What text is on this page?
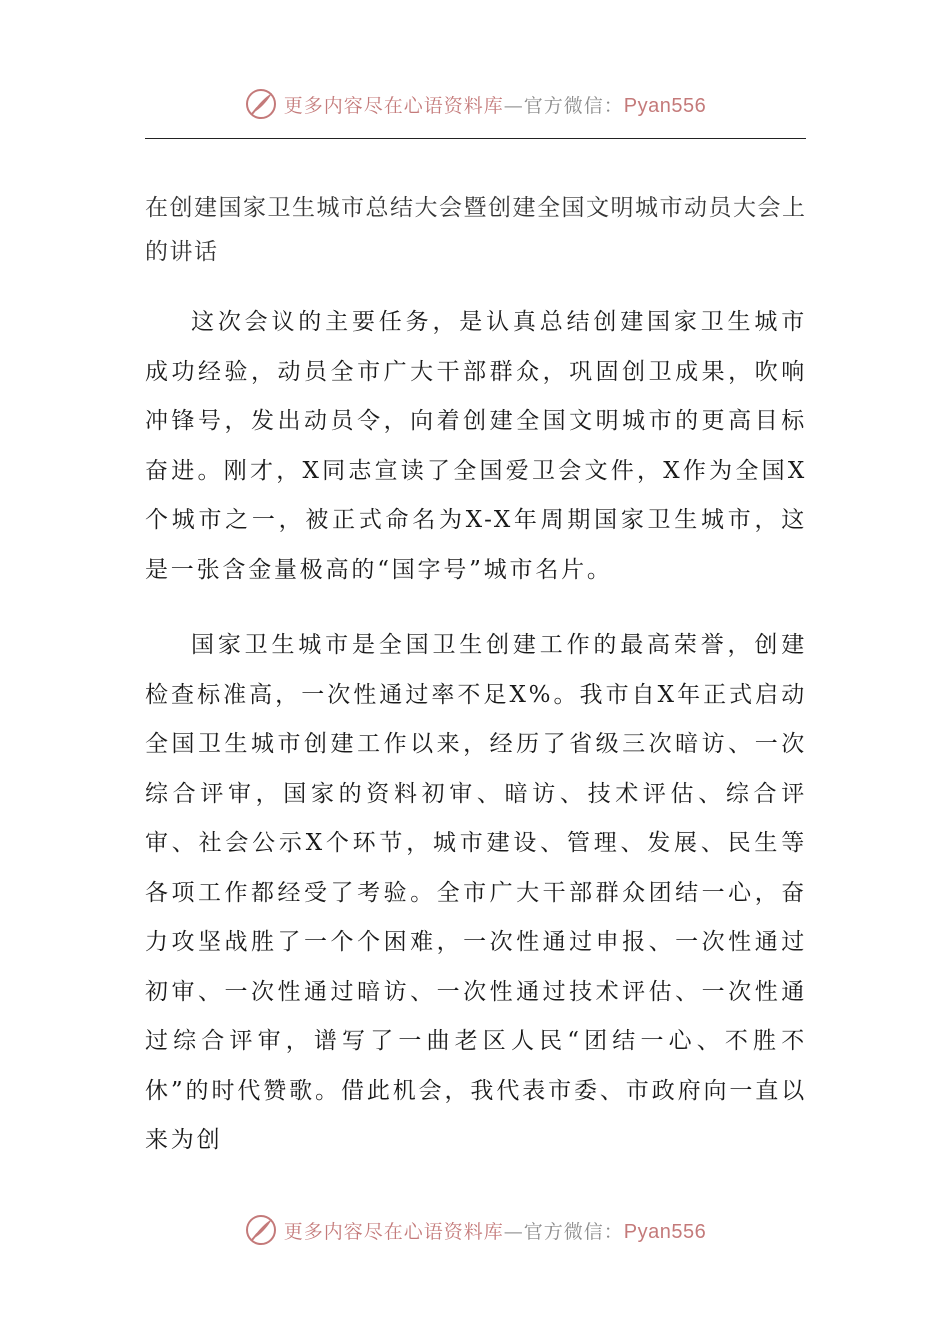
更多内容尽在心语资料库—官方微信：Pyan556
在创建国家卫生城市总结大会暨创建全国文明城市动员大会上的讲话

这次会议的主要任务，是认真总结创建国家卫生城市成功经验，动员全市广大干部群众，巩固创卫成果，吹响冲锋号，发出动员令，向着创建全国文明城市的更高目标奋进。刚才，X同志宣读了全国爱卫会文件，X作为全国X个城市之一，被正式命名为X-X年周期国家卫生城市，这是一张含金量极高的“国字号”城市名片。

国家卫生城市是全国卫生创建工作的最高荣誉，创建检查标准高，一次性通过率不足X%。我市自X年正式启动全国卫生城市创建工作以来，经历了省级三次暗访、一次综合评审，国家的资料初审、暗访、技术评估、综合评审、社会公示X个环节，城市建设、管理、发展、民生等各项工作都经受了考验。全市广大干部群众团结一心，奋力攻坚战胜了一个个困难，一次性通过申报、一次性通过初审、一次性通过暗访、一次性通过技术评估、一次性通过综合评审，谱写了一曲老区人民“团结一心、不胜不休”的时代赞歌。借此机会，我代表市委、市政府向一直以来为创

更多内容尽在心语资料库—官方微信：Pyan556
